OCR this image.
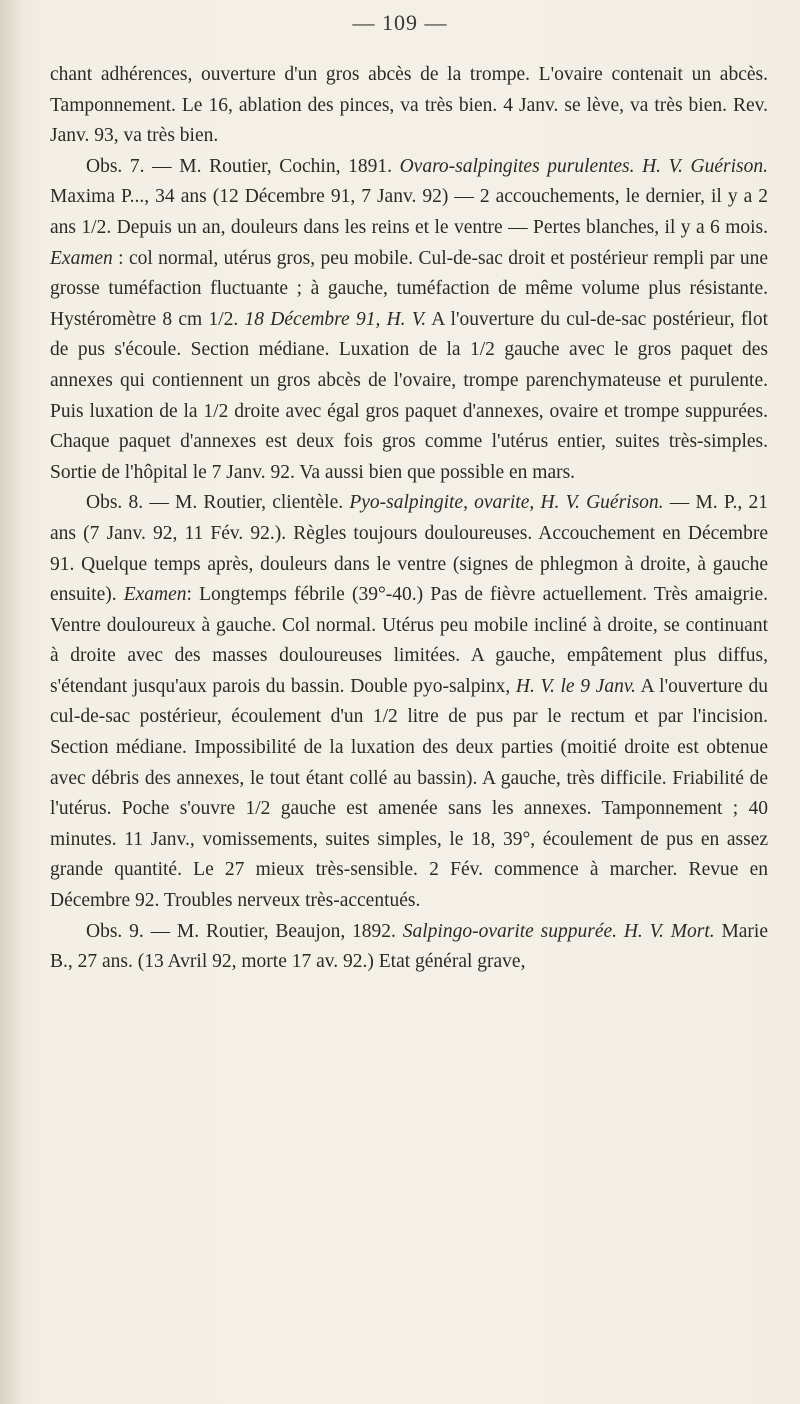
— 109 —

chant adhérences, ouverture d'un gros abcès de la trompe. L'ovaire contenait un abcès. Tamponnement. Le 16, ablation des pinces, va très bien. 4 Janv. se lève, va très bien. Rev. Janv. 93, va très bien.

Obs. 7. — M. Routier, Cochin, 1891. Ovaro-salpingites purulentes. H. V. Guérison. Maxima P..., 34 ans (12 Décembre 91, 7 Janv. 92) — 2 accouchements, le dernier, il y a 2 ans 1/2. Depuis un an, douleurs dans les reins et le ventre — Pertes blanches, il y a 6 mois. Examen : col normal, utérus gros, peu mobile. Cul-de-sac droit et postérieur rempli par une grosse tuméfaction fluctuante ; à gauche, tuméfaction de même volume plus résistante. Hystéromètre 8 cm 1/2. 18 Décembre 91, H. V. A l'ouverture du cul-de-sac postérieur, flot de pus s'écoule. Section médiane. Luxation de la 1/2 gauche avec le gros paquet des annexes qui contiennent un gros abcès de l'ovaire, trompe parenchymateuse et purulente. Puis luxation de la 1/2 droite avec égal gros paquet d'annexes, ovaire et trompe suppurées. Chaque paquet d'annexes est deux fois gros comme l'utérus entier, suites très-simples. Sortie de l'hôpital le 7 Janv. 92. Va aussi bien que possible en mars.

Obs. 8. — M. Routier, clientèle. Pyo-salpingite, ovarite, H. V. Guérison. — M. P., 21 ans (7 Janv. 92, 11 Fév. 92.). Règles toujours douloureuses. Accouchement en Décembre 91. Quelque temps après, douleurs dans le ventre (signes de phlegmon à droite, à gauche ensuite). Examen: Longtemps fébrile (39°-40.) Pas de fièvre actuellement. Très amaigrie. Ventre douloureux à gauche. Col normal. Utérus peu mobile incliné à droite, se continuant à droite avec des masses douloureuses limitées. A gauche, empâtement plus diffus, s'étendant jusqu'aux parois du bassin. Double pyo-salpinx, H. V. le 9 Janv. A l'ouverture du cul-de-sac postérieur, écoulement d'un 1/2 litre de pus par le rectum et par l'incision. Section médiane. Impossibilité de la luxation des deux parties (moitié droite est obtenue avec débris des annexes, le tout étant collé au bassin). A gauche, très difficile. Friabilité de l'utérus. Poche s'ouvre 1/2 gauche est amenée sans les annexes. Tamponnement ; 40 minutes. 11 Janv., vomissements, suites simples, le 18, 39°, écoulement de pus en assez grande quantité. Le 27 mieux très-sensible. 2 Fév. commence à marcher. Revue en Décembre 92. Troubles nerveux très-accentués.

Obs. 9. — M. Routier, Beaujon, 1892. Salpingo-ovarite suppurée. H. V. Mort. Marie B., 27 ans. (13 Avril 92, morte 17 av. 92.) Etat général grave,
